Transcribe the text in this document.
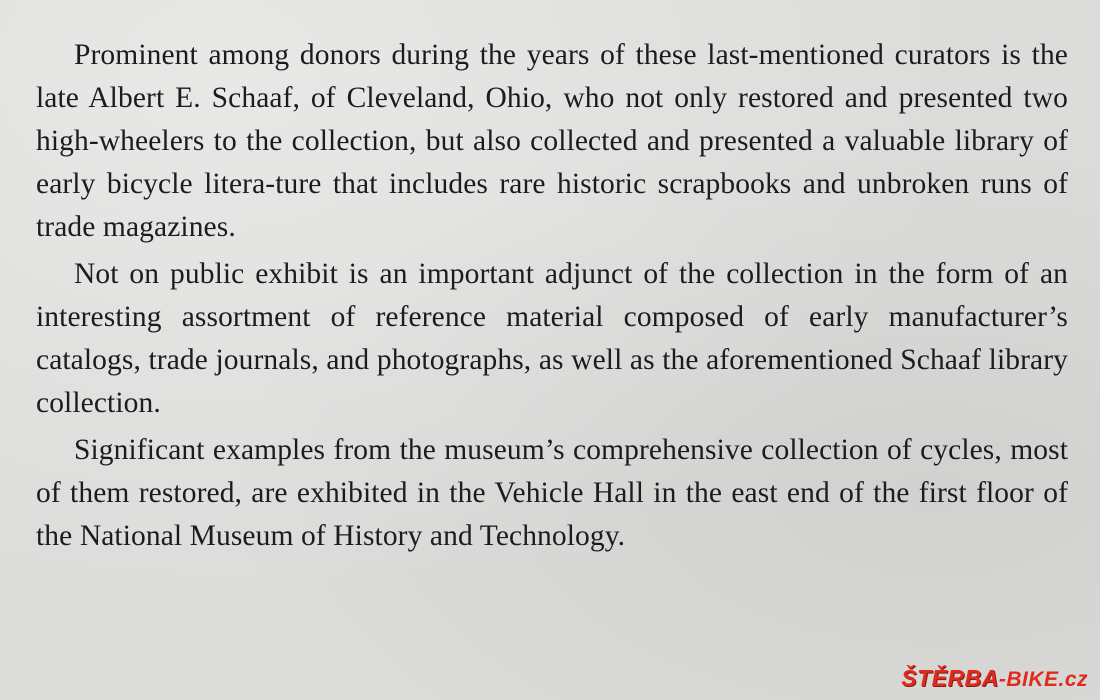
Prominent among donors during the years of these last-mentioned curators is the late Albert E. Schaaf, of Cleveland, Ohio, who not only restored and presented two high-wheelers to the collection, but also collected and presented a valuable library of early bicycle litera-ture that includes rare historic scrapbooks and unbroken runs of trade magazines.

Not on public exhibit is an important adjunct of the collection in the form of an interesting assortment of reference material composed of early manufacturer’s catalogs, trade journals, and photographs, as well as the aforementioned Schaaf library collection.

Significant examples from the museum’s comprehensive collection of cycles, most of them restored, are exhibited in the Vehicle Hall in the east end of the first floor of the National Museum of History and Technology.

ŠTĚRBA-BIKE.cz
